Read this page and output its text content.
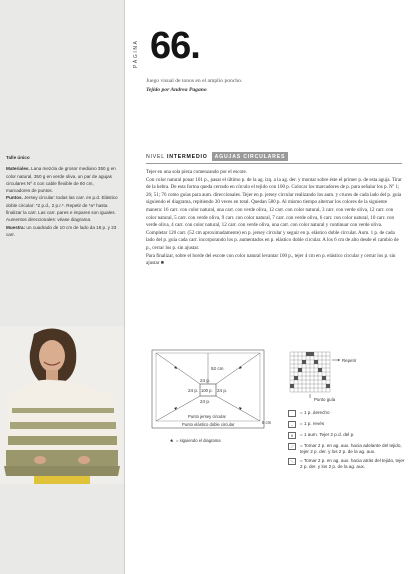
PÁGINA 66.
Juego visual de tonos en el amplio poncho.
Tejido por Andrea Pagano

Talle único

Materiales. Lana mezcla de grosor mediano 350 g en color natural, 350 g en verde oliva, un par de agujas circulares Nº 4 con cable flexible de 80 cm, marcadores de puntos.

Puntos. Jersey circular: todas las carr. en p.d. Elástico doble circular: *2 p.d., 2 p.r.*. Repetir de *a* hasta finalizar la carr. Las carr. pares e impares son iguales. Aumentos direccionales: véase diagrama.

Muestra: un cuadrado de 10 cm de lado da 18 p. y 23 carr.

NIVEL INTERMEDIO	AGUJAS CIRCULARES

Tejer en una sola pieza comenzando por el escote.

Con color natural ponar 101 p., pasar el último p. de la ag. izq. a la ag. der. y montar sobre éste el primer p. de esta aguja. Tirar de la hebra. De esta forma queda cerrado en círculo el tejido con 100 p. Colocar los marcadores de p. para señalar los p. Nº 1; 26; 51; 76 como guías para aum. direccionales. Tejer en p. jersey circular realizando los aum. y cruces de cada lado del p. guía siguiendo el diagrama, repitiendo 30 veces en total. Quedan 580 p. Al mismo tiempo alternar los colores de la siguiente manera: 16 carr. con color natural, una carr. con verde oliva, 12 carr. con color natural, 3 carr. con verde oliva, 12 carr. con color natural, 5 carr. con verde oliva, 9 carr. con color natural, 7 carr. con verde oliva, 6 carr. con color natural, 10 carr. con verde oliva, 4 carr. con color natural, 12 carr. con verde oliva, una carr. con color natural y continuar con verde oliva. Completar 120 carr. (52 cm aproximadamente) en p. jersey circular y seguir en p. elástico doble circular. Aum. 1 p. de cada lado del p. guía cada carr. incorporando los p. aumentados en p. elástico doble circular. A los 6 cm de alto desde el cambio de p., cerrar los p. sin ajustar.

Para finalizar, sobre el borde del escote con color natural levantar 100 p., tejer 4 cm en p. elástico circular y cerrar los p. sin ajustar ■

52 cm
24 p.
100 p.
24 p.	24 p.
24 p.
6 cm
Punto jersey circular
Punto elástico doble circular
= siguiendo el diagrama
Repetir
Punto guía
= 1 p. derecho
–	= 1 p. revés
∨	= 1 aum. Tejer 2 p.d. del p.
⟋	= Tomar 2 p. en ag. aux. hacia adelante del tejido, tejer 2 p. der. y los 2 p. de la ag. aux.
⟍	= Tomar 2 p. en ag. aux. hacia atrás del tejido, tejer 2 p. der. y los 2 p. de la ag. aux.
